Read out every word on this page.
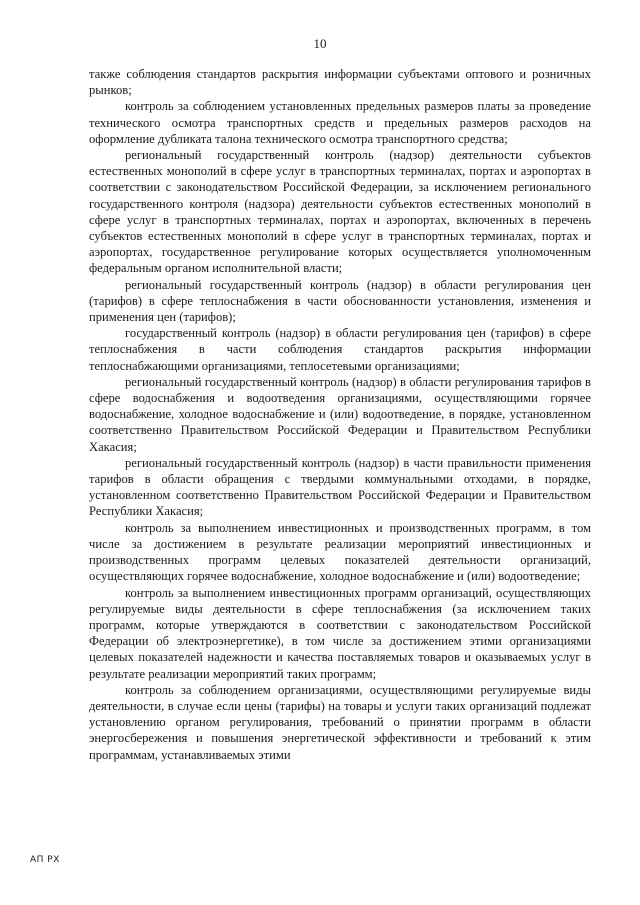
10

также соблюдения стандартов раскрытия информации субъектами оптового и розничных рынков;

контроль за соблюдением установленных предельных размеров платы за проведение технического осмотра транспортных средств и предельных размеров расходов на оформление дубликата талона технического осмотра транспортного средства;

региональный государственный контроль (надзор) деятельности субъектов естественных монополий в сфере услуг в транспортных терминалах, портах и аэропортах в соответствии с законодательством Российской Федерации, за исключением регионального государственного контроля (надзора) деятельности субъектов естественных монополий в сфере услуг в транспортных терминалах, портах и аэропортах, включенных в перечень субъектов естественных монополий в сфере услуг в транспортных терминалах, портах и аэропортах, государственное регулирование которых осуществляется уполномоченным федеральным органом исполнительной власти;

региональный государственный контроль (надзор) в области регулирования цен (тарифов) в сфере теплоснабжения в части обоснованности установления, изменения и применения цен (тарифов);

государственный контроль (надзор) в области регулирования цен (тарифов) в сфере теплоснабжения в части соблюдения стандартов раскрытия информации теплоснабжающими организациями, теплосетевыми организациями;

региональный государственный контроль (надзор) в области регулирования тарифов в сфере водоснабжения и водоотведения организациями, осуществляющими горячее водоснабжение, холодное водоснабжение и (или) водоотведение, в порядке, установленном соответственно Правительством Российской Федерации и Правительством Республики Хакасия;

региональный государственный контроль (надзор) в части правильности применения тарифов в области обращения с твердыми коммунальными отходами, в порядке, установленном соответственно Правительством Российской Федерации и Правительством Республики Хакасия;

контроль за выполнением инвестиционных и производственных программ, в том числе за достижением в результате реализации мероприятий инвестиционных и производственных программ целевых показателей деятельности организаций, осуществляющих горячее водоснабжение, холодное водоснабжение и (или) водоотведение;

контроль за выполнением инвестиционных программ организаций, осуществляющих регулируемые виды деятельности в сфере теплоснабжения (за исключением таких программ, которые утверждаются в соответствии с законодательством Российской Федерации об электроэнергетике), в том числе за достижением этими организациями целевых показателей надежности и качества поставляемых товаров и оказываемых услуг в результате реализации мероприятий таких программ;

контроль за соблюдением организациями, осуществляющими регулируемые виды деятельности, в случае если цены (тарифы) на товары и услуги таких организаций подлежат установлению органом регулирования, требований о принятии программ в области энергосбережения и повышения энергетической эффективности и требований к этим программам, устанавливаемых этими

АП РХ
